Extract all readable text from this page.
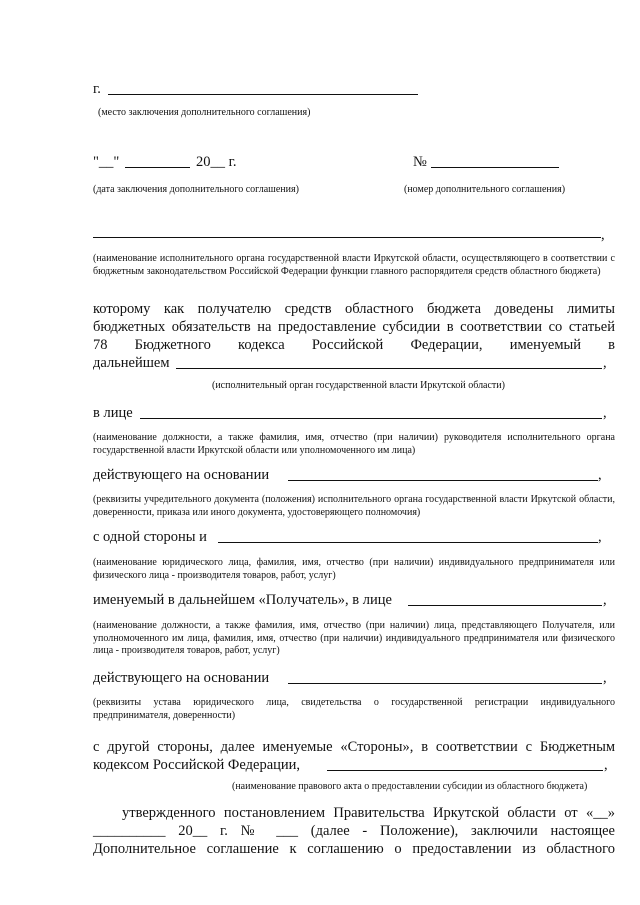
г.
(место заключения дополнительного соглашения)
"__"	20__ г.	№
(дата заключения дополнительного соглашения)	(номер дополнительного соглашения)
,
(наименование исполнительного органа государственной власти Иркутской области, осуществляющего в соответствии с бюджетным законодательством Российской Федерации функции главного распорядителя средств областного бюджета)
которому как получателю средств областного бюджета доведены лимиты
бюджетных обязательств на предоставление субсидии в соответствии со статьей
78 Бюджетного кодекса Российской Федерации, именуемый в
дальнейшем	,
(исполнительный орган государственной власти Иркутской области)
в лице	,
(наименование должности, а также фамилия, имя, отчество (при наличии) руководителя исполнительного органа государственной власти Иркутской области или уполномоченного им лица)
действующего на основании	,
(реквизиты учредительного документа (положения) исполнительного органа государственной власти Иркутской области, доверенности, приказа или иного документа, удостоверяющего полномочия)
с одной стороны и	,
(наименование юридического лица, фамилия, имя, отчество (при наличии) индивидуального предпринимателя или физического лица - производителя товаров, работ, услуг)
именуемый в дальнейшем «Получатель», в лице	,
(наименование должности, а также фамилия, имя, отчество (при наличии) лица, представляющего Получателя, или уполномоченного им лица, фамилия, имя, отчество (при наличии) индивидуального предпринимателя или физического лица - производителя товаров, работ, услуг)
действующего на основании	,
(реквизиты устава юридического лица, свидетельства о государственной регистрации индивидуального предпринимателя, доверенности)
с другой стороны, далее именуемые «Стороны», в соответствии с Бюджетным
кодексом Российской Федерации,	,
(наименование правового акта о предоставлении субсидии из областного бюджета)
утвержденного постановлением Правительства Иркутской области от «__»
__________ 20__ г. № ___ (далее - Положение), заключили настоящее
Дополнительное соглашение к соглашению о предоставлении из областного
